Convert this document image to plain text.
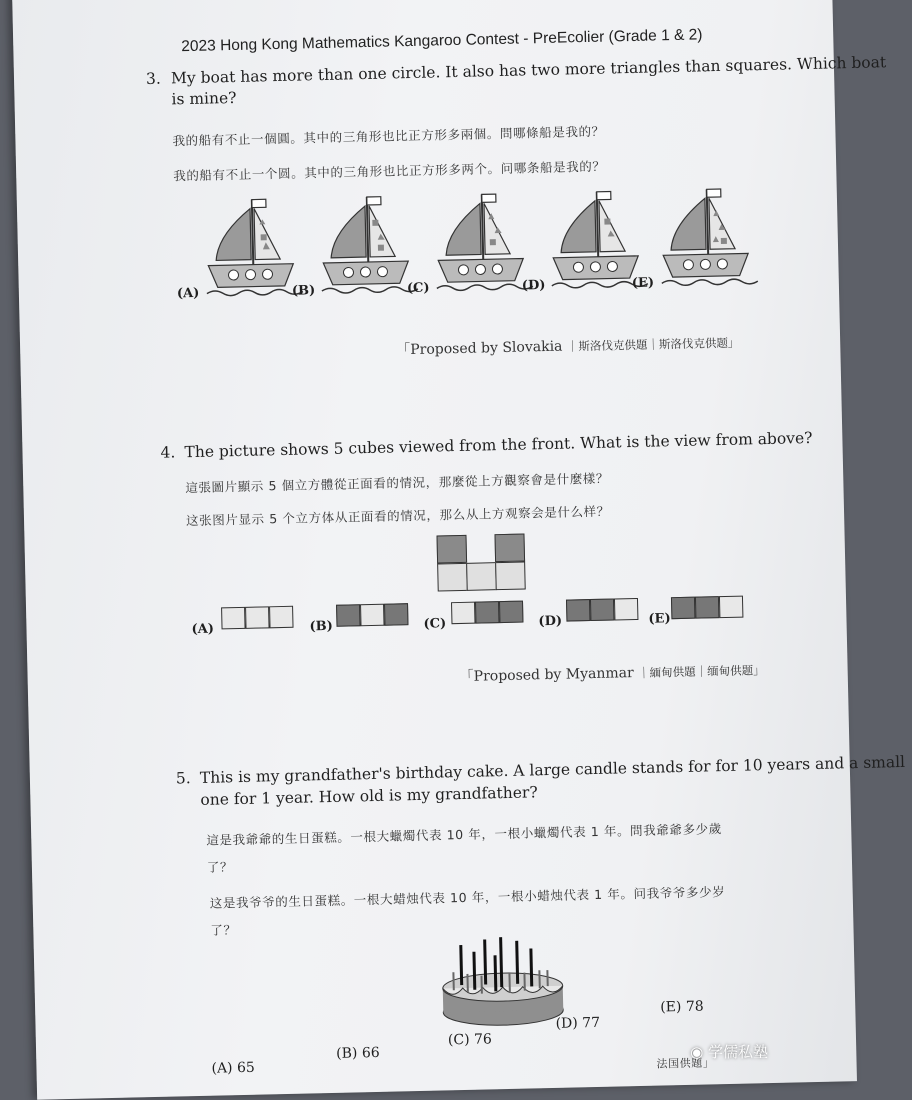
2023 Hong Kong Mathematics Kangaroo Contest - PreEcolier (Grade 1 & 2)
3. My boat has more than one circle. It also has two more triangles than squares. Which boat
is mine?
我的船有不止一個圓。其中的三角形也比正方形多兩個。問哪條船是我的？
我的船有不止一个圆。其中的三角形也比正方形多两个。问哪条船是我的？
(A)	(B)	(C)	(D)	(E)
「Proposed by Slovakia ｜斯洛伐克供題｜斯洛伐克供题」
4. The picture shows 5 cubes viewed from the front. What is the view from above?
這張圖片顯示 5 個立方體從正面看的情況，那麼從上方觀察會是什麼樣？
这张图片显示 5 个立方体从正面看的情况，那么从上方观察会是什么样？
(A)	(B)	(C)	(D)	(E)
「Proposed by Myanmar ｜緬甸供題｜缅甸供题」
5. This is my grandfather's birthday cake. A large candle stands for for 10 years and a small
one for 1 year. How old is my grandfather?
這是我爺爺的生日蛋糕。一根大蠟燭代表 10 年，一根小蠟燭代表 1 年。問我爺爺多少歲
了？
这是我爷爷的生日蛋糕。一根大蜡烛代表 10 年，一根小蜡烛代表 1 年。问我爷爷多少岁
了？
(A) 65
(B) 66
(C) 76
(D) 77
(E) 78
法国供题」
◉ 学儒私塾
